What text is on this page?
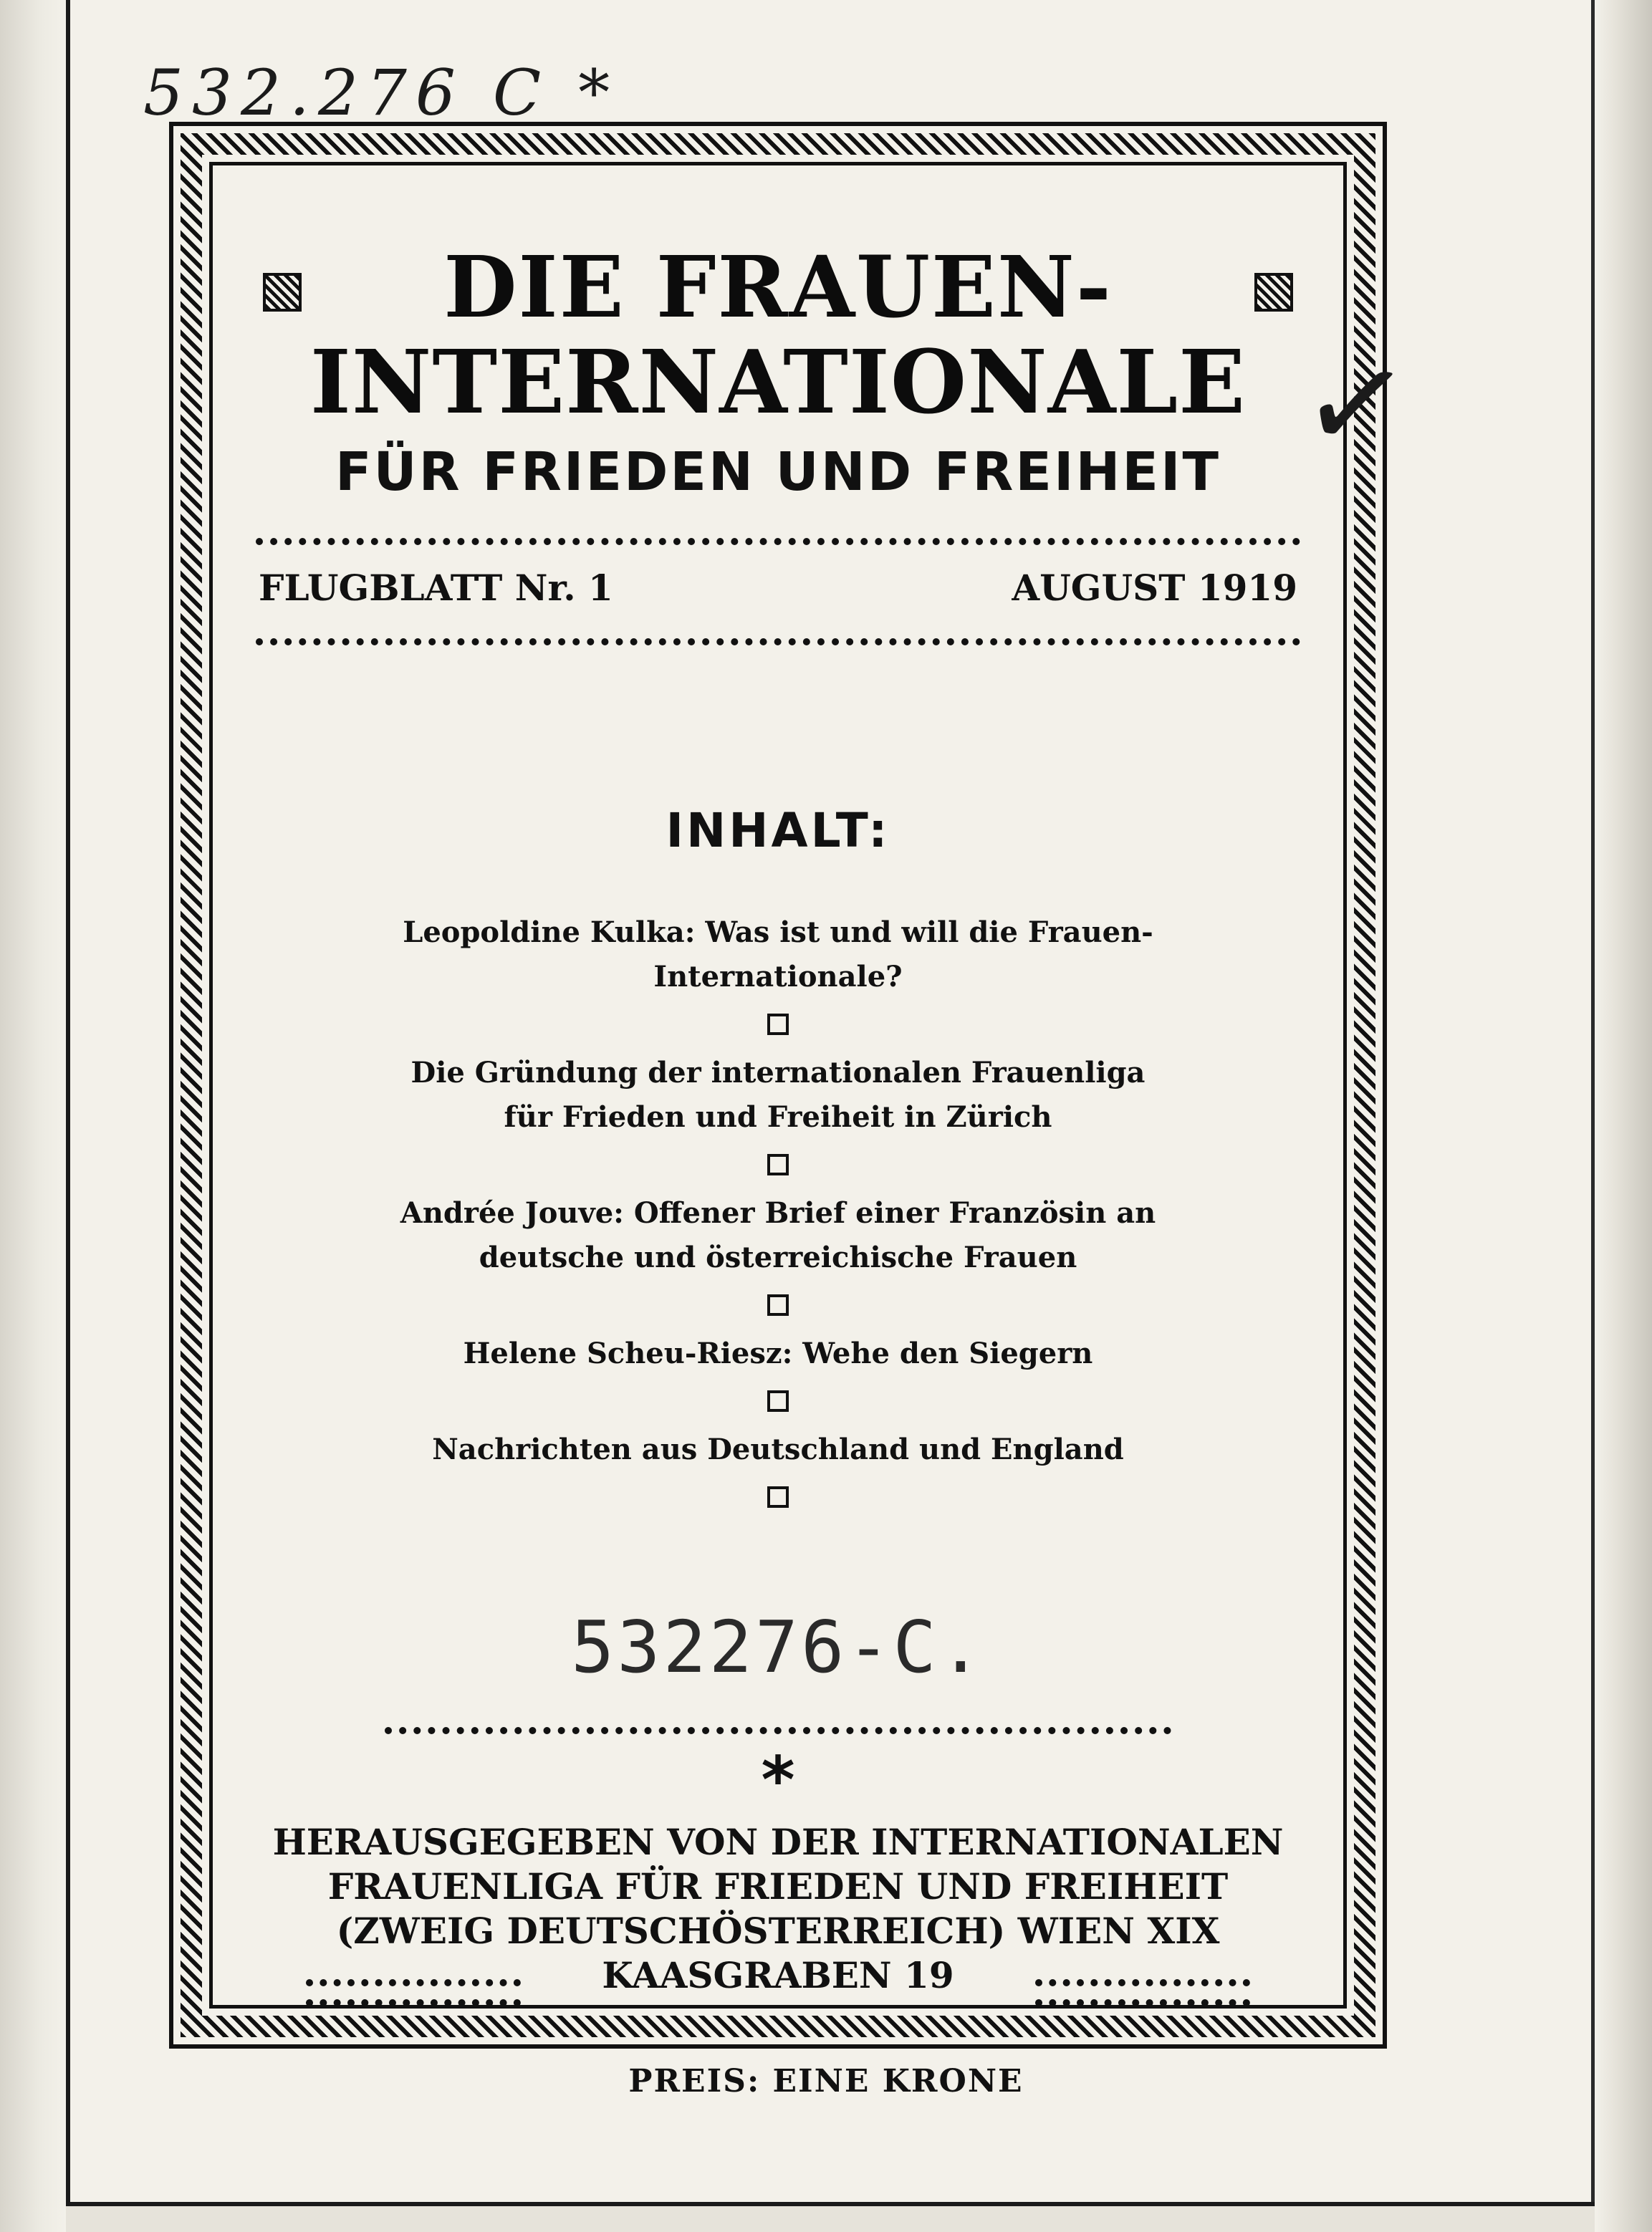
532.276 C *
✓
DIE FRAUEN-
INTERNATIONALE
FÜR FRIEDEN UND FREIHEIT
FLUGBLATT Nr. 1	AUGUST 1919
INHALT:
Leopoldine Kulka: Was ist und will die Frauen-Internationale?
Die Gründung der internationalen Frauenliga für Frieden und Freiheit in Zürich
Andrée Jouve: Offener Brief einer Französin an deutsche und österreichische Frauen
Helene Scheu-Riesz: Wehe den Siegern
Nachrichten aus Deutschland und England
532276-C.
*
HERAUSGEGEBEN VON DER INTERNATIONALEN
FRAUENLIGA FÜR FRIEDEN UND FREIHEIT
(ZWEIG DEUTSCHÖSTERREICH) WIEN XIX
KAASGRABEN 19
PREIS: EINE KRONE
